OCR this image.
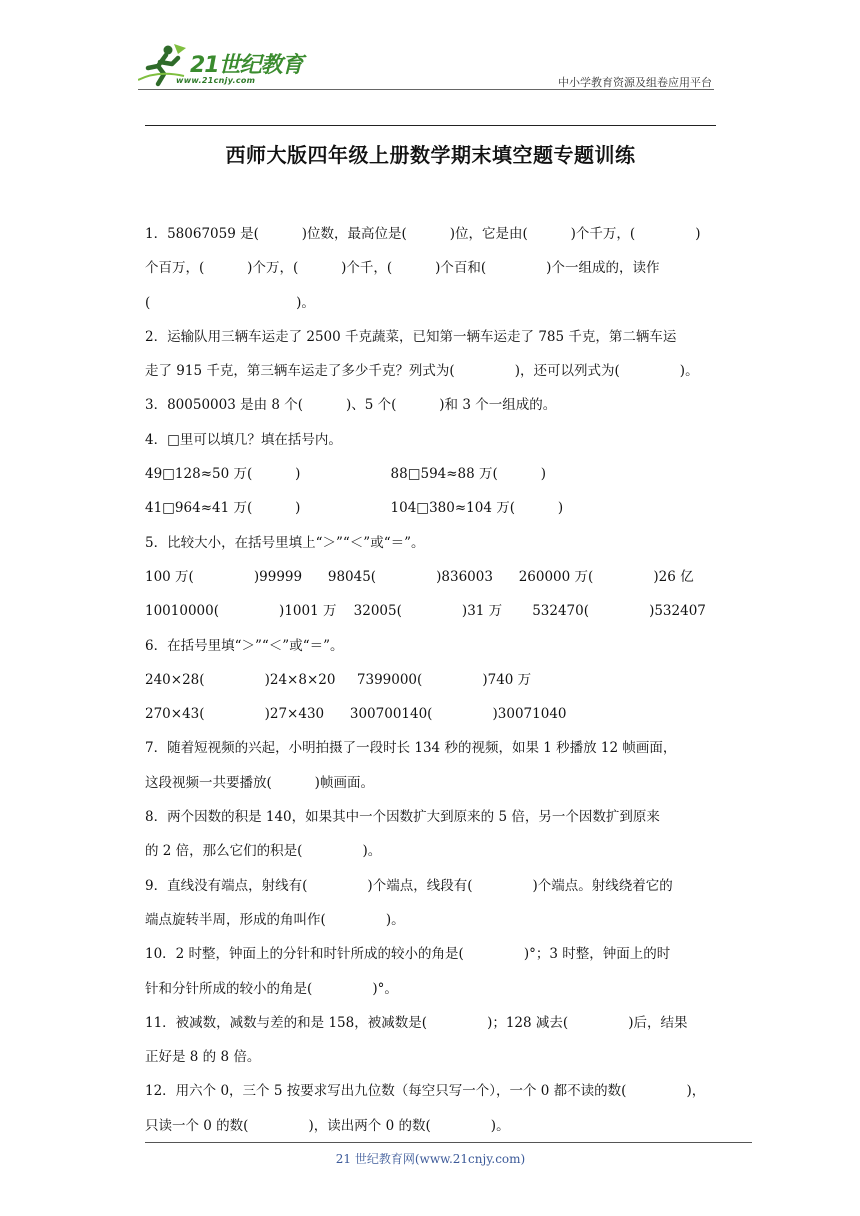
21世纪教育
www.21cnjy.com	中小学教育资源及组卷应用平台
西师大版四年级上册数学期末填空题专题训练
1．58067059 是(          )位数，最高位是(          )位，它是由(          )个千万，(              )
个百万，(          )个万，(          )个千，(          )个百和(              )个一组成的，读作
(                                  )。
2．运输队用三辆车运走了 2500 千克蔬菜，已知第一辆车运走了 785 千克，第二辆车运
走了 915 千克，第三辆车运走了多少千克？列式为(              )，还可以列式为(              )。
3．80050003 是由 8 个(          )、5 个(          )和 3 个一组成的。
4．□里可以填几？填在括号内。
49□128≈50 万(          )                     88□594≈88 万(          )
41□964≈41 万(          )                     104□380≈104 万(          )
5．比较大小，在括号里填上“＞”“＜”或“＝”。
100 万(              )99999      98045(              )836003      260000 万(              )26 亿
10010000(              )1001 万    32005(              )31 万       532470(              )532407
6．在括号里填“＞”“＜”或“＝”。
240×28(              )24×8×20     7399000(              )740 万
270×43(              )27×430      300700140(              )30071040
7．随着短视频的兴起，小明拍摄了一段时长 134 秒的视频，如果 1 秒播放 12 帧画面，
这段视频一共要播放(          )帧画面。
8．两个因数的积是 140，如果其中一个因数扩大到原来的 5 倍，另一个因数扩到原来
的 2 倍，那么它们的积是(              )。
9．直线没有端点，射线有(              )个端点，线段有(              )个端点。射线绕着它的
端点旋转半周，形成的角叫作(              )。
10．2 时整，钟面上的分针和时针所成的较小的角是(              )°；3 时整，钟面上的时
针和分针所成的较小的角是(              )°。
11．被减数，减数与差的和是 158，被减数是(              )；128 减去(              )后，结果
正好是 8 的 8 倍。
12．用六个 0，三个 5 按要求写出九位数（每空只写一个），一个 0 都不读的数(              )，
只读一个 0 的数(              )，读出两个 0 的数(              )。
21 世纪教育网(www.21cnjy.com)
